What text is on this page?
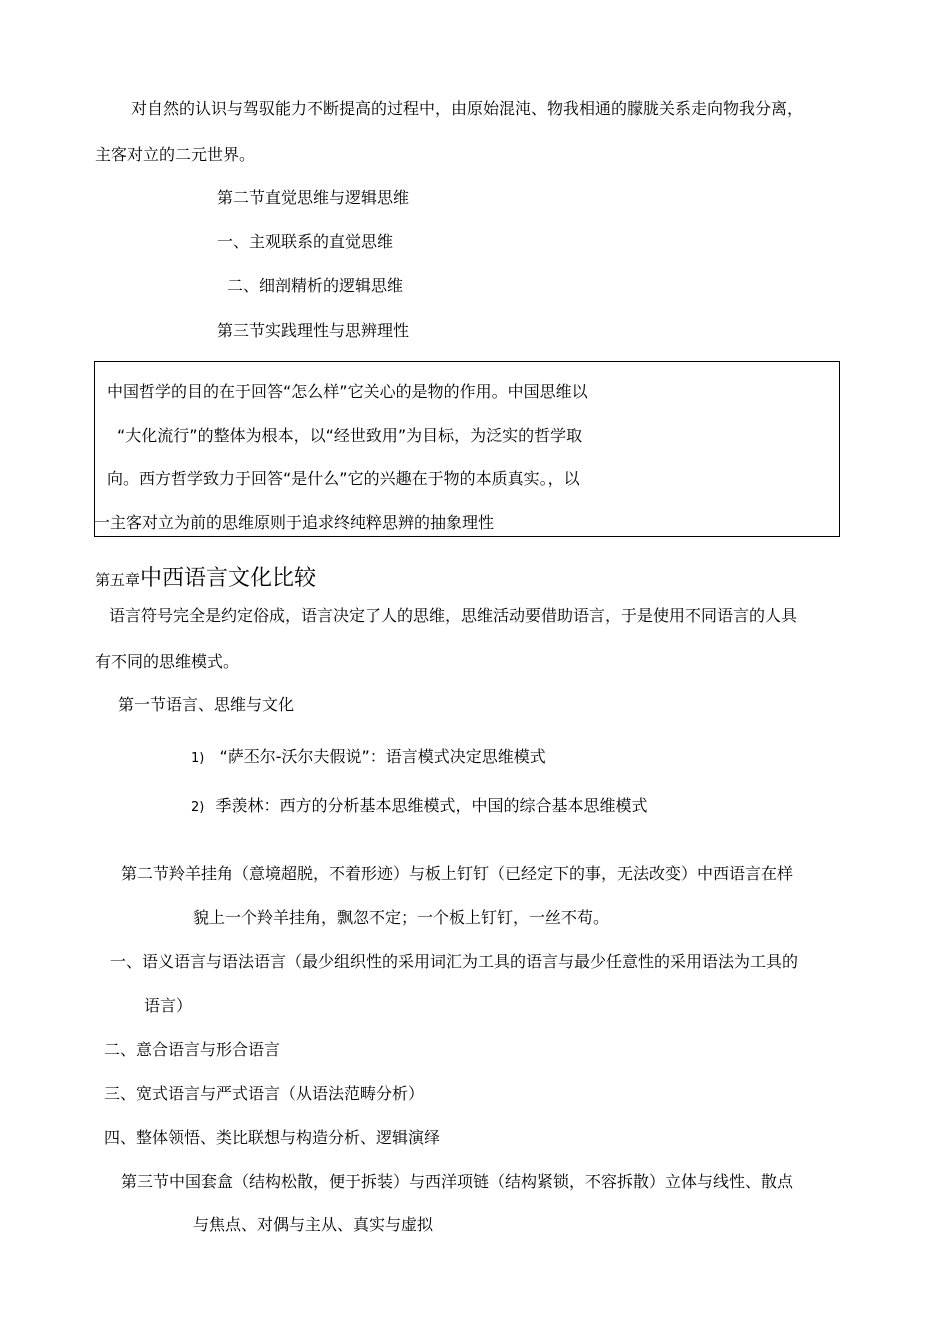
对自然的认识与驾驭能力不断提高的过程中，由原始混沌、物我相通的朦胧关系走向物我分离，
主客对立的二元世界。
第二节直觉思维与逻辑思维
一、主观联系的直觉思维
二、细剖精析的逻辑思维
第三节实践理性与思辨理性
中国哲学的目的在于回答“怎么样”它关心的是物的作用。中国思维以
“大化流行”的整体为根本，以“经世致用”为目标，为泛实的哲学取
向。西方哲学致力于回答“是什么”它的兴趣在于物的本质真实。，以
一主客对立为前的思维原则于追求终纯粹思辨的抽象理性
第五章中西语言文化比较
语言符号完全是约定俗成，语言决定了人的思维，思维活动要借助语言，于是使用不同语言的人具
有不同的思维模式。
第一节语言、思维与文化
1) “萨丕尔-沃尔夫假说”：语言模式决定思维模式
2) 季羡林：西方的分析基本思维模式，中国的综合基本思维模式
第二节羚羊挂角（意境超脱，不着形迹）与板上钉钉（已经定下的事，无法改变）中西语言在样
貌上一个羚羊挂角，飘忽不定；一个板上钉钉，一丝不苟。
一、语义语言与语法语言（最少组织性的采用词汇为工具的语言与最少任意性的采用语法为工具的
语言）
二、意合语言与形合语言
三、宽式语言与严式语言（从语法范畴分析）
四、整体领悟、类比联想与构造分析、逻辑演绎
第三节中国套盒（结构松散，便于拆装）与西洋项链（结构紧锁，不容拆散）立体与线性、散点
与焦点、对偶与主从、真实与虚拟
